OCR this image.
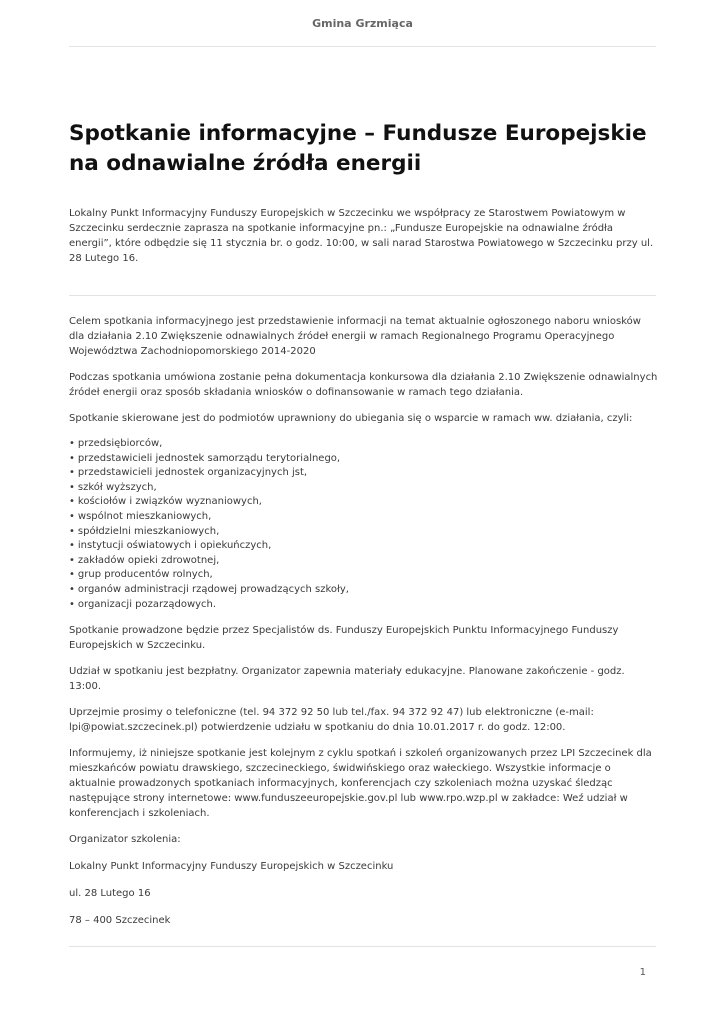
Gmina Grzmiąca
Spotkanie informacyjne – Fundusze Europejskie na odnawialne źródła energii

Lokalny Punkt Informacyjny Funduszy Europejskich w Szczecinku we współpracy ze Starostwem Powiatowym w Szczecinku serdecznie zaprasza na spotkanie informacyjne pn.: „Fundusze Europejskie na odnawialne źródła energii”, które odbędzie się 11 stycznia br. o godz. 10:00, w sali narad Starostwa Powiatowego w Szczecinku przy ul. 28 Lutego 16.

Celem spotkania informacyjnego jest przedstawienie informacji na temat aktualnie ogłoszonego naboru wniosków dla działania 2.10 Zwiększenie odnawialnych źródeł energii w ramach Regionalnego Programu Operacyjnego Województwa Zachodniopomorskiego 2014-2020

Podczas spotkania umówiona zostanie pełna dokumentacja konkursowa dla działania 2.10 Zwiększenie odnawialnych źródeł energii oraz sposób składania wniosków o dofinansowanie w ramach tego działania.

Spotkanie skierowane jest do podmiotów uprawniony do ubiegania się o wsparcie w ramach ww. działania, czyli:

• przedsiębiorców,
• przedstawicieli jednostek samorządu terytorialnego,
• przedstawicieli jednostek organizacyjnych jst,
• szkół wyższych,
• kościołów i związków wyznaniowych,
• wspólnot mieszkaniowych,
• spółdzielni mieszkaniowych,
• instytucji oświatowych i opiekuńczych,
• zakładów opieki zdrowotnej,
• grup producentów rolnych,
• organów administracji rządowej prowadzących szkoły,
• organizacji pozarządowych.

Spotkanie prowadzone będzie przez Specjalistów ds. Funduszy Europejskich Punktu Informacyjnego Funduszy Europejskich w Szczecinku.

Udział w spotkaniu jest bezpłatny. Organizator zapewnia materiały edukacyjne. Planowane zakończenie - godz. 13:00.

Uprzejmie prosimy o telefoniczne (tel. 94 372 92 50 lub tel./fax. 94 372 92 47) lub elektroniczne (e-mail: lpi@powiat.szczecinek.pl) potwierdzenie udziału w spotkaniu do dnia 10.01.2017 r. do godz. 12:00.

Informujemy, iż niniejsze spotkanie jest kolejnym z cyklu spotkań i szkoleń organizowanych przez LPI Szczecinek dla mieszkańców powiatu drawskiego, szczecineckiego, świdwińskiego oraz wałeckiego. Wszystkie informacje o aktualnie prowadzonych spotkaniach informacyjnych, konferencjach czy szkoleniach można uzyskać śledząc następujące strony internetowe: www.funduszeeuropejskie.gov.pl lub www.rpo.wzp.pl w zakładce: Weź udział w konferencjach i szkoleniach.

Organizator szkolenia:

Lokalny Punkt Informacyjny Funduszy Europejskich w Szczecinku

ul. 28 Lutego 16

78 – 400 Szczecinek

1
